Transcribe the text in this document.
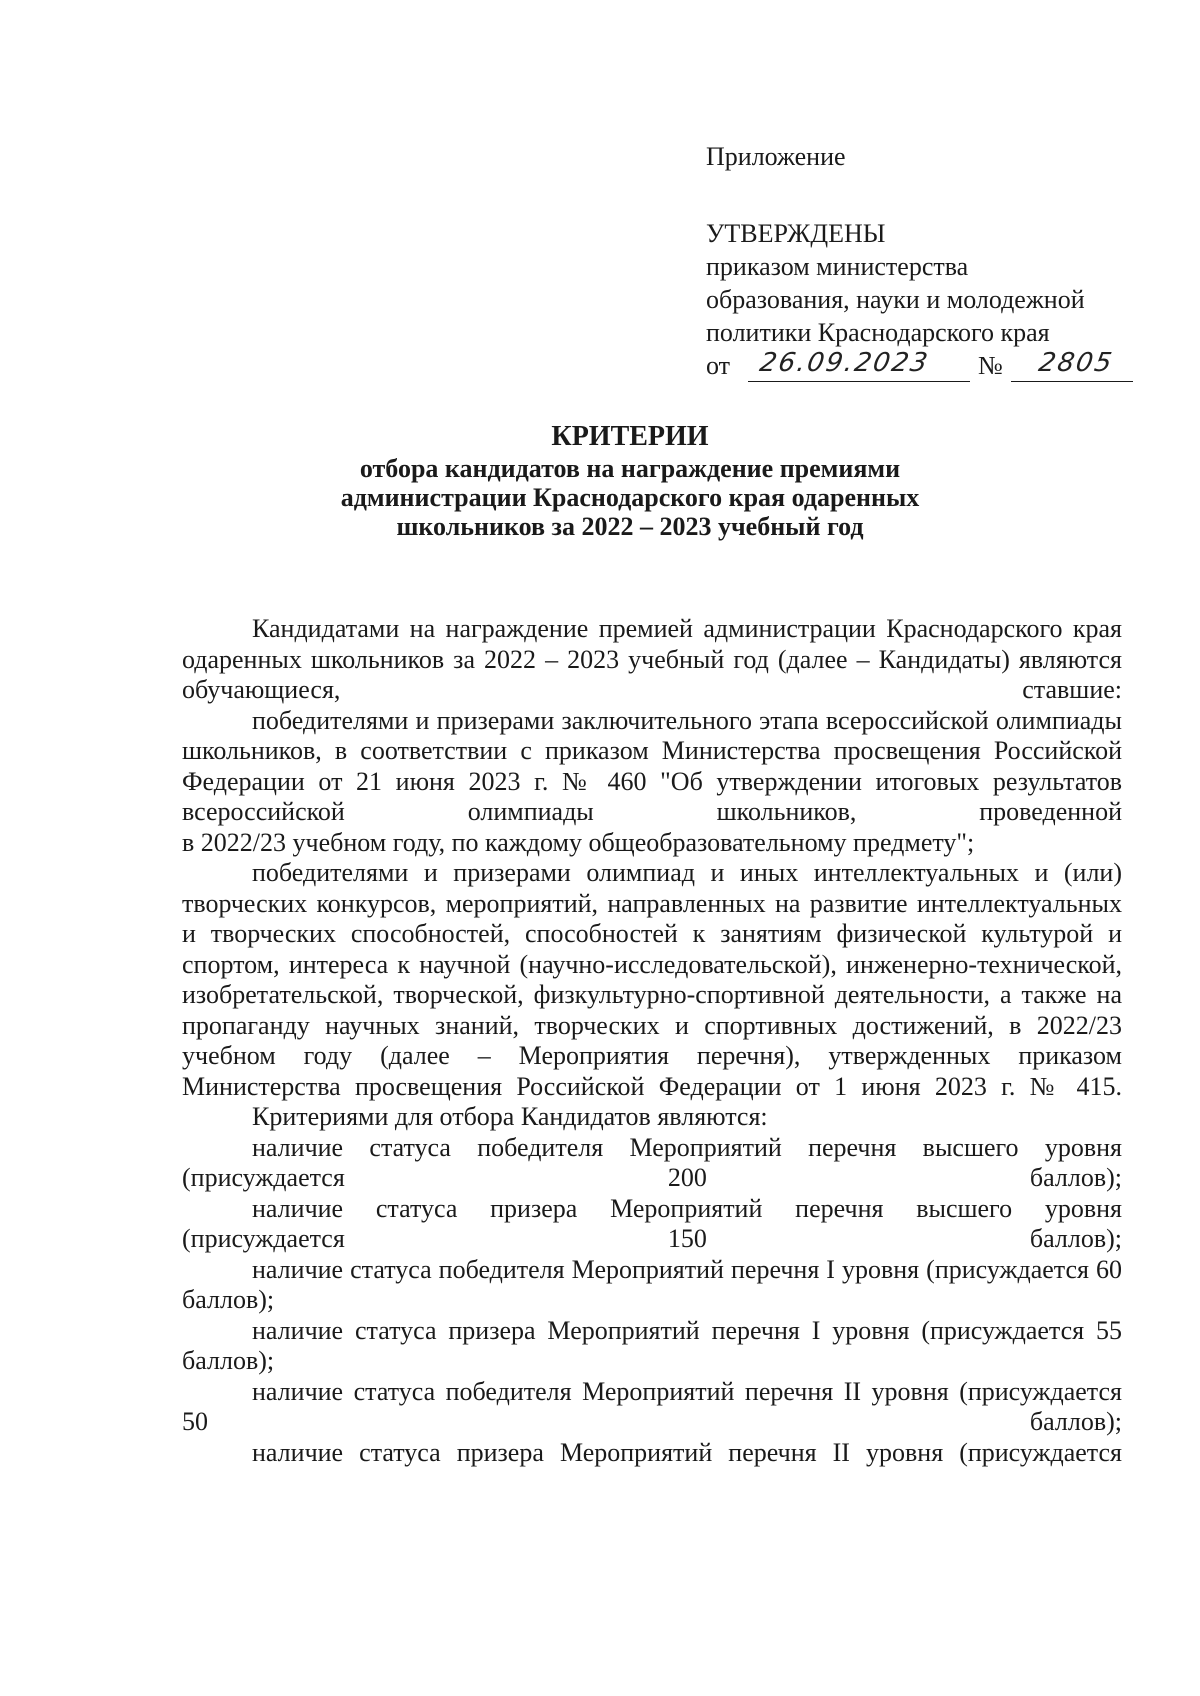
Приложение
УТВЕРЖДЕНЫ
приказом министерства
образования, науки и молодежной
политики Краснодарского края
от 26.09.2023 № 2805
КРИТЕРИИ
отбора кандидатов на награждение премиями
администрации Краснодарского края одаренных
школьников за 2022 – 2023 учебный год

Кандидатами на награждение премией администрации Краснодарского края одаренных школьников за 2022 – 2023 учебный год (далее – Кандидаты) являются обучающиеся, ставшие:

победителями и призерами заключительного этапа всероссийской олимпиады школьников, в соответствии с приказом Министерства просвещения Российской Федерации от 21 июня 2023 г. № 460 "Об утверждении итоговых результатов всероссийской олимпиады школьников, проведенной

в 2022/23 учебном году, по каждому общеобразовательному предмету";

победителями и призерами олимпиад и иных интеллектуальных и (или) творческих конкурсов, мероприятий, направленных на развитие интеллектуальных и творческих способностей, способностей к занятиям физической культурой и спортом, интереса к научной (научно-исследовательской), инженерно-технической, изобретательской, творческой, физкультурно-спортивной деятельности, а также на пропаганду научных знаний, творческих и спортивных достижений, в 2022/23 учебном году (далее – Мероприятия перечня), утвержденных приказом Министерства просвещения Российской Федерации от 1 июня 2023 г. № 415.

Критериями для отбора Кандидатов являются:

наличие статуса победителя Мероприятий перечня высшего уровня (присуждается 200 баллов);

наличие статуса призера Мероприятий перечня высшего уровня (присуждается 150 баллов);

наличие статуса победителя Мероприятий перечня I уровня (присуждается 60 баллов);

наличие статуса призера Мероприятий перечня I уровня (присуждается 55 баллов);

наличие статуса победителя Мероприятий перечня II уровня (присуждается 50 баллов);

наличие статуса призера Мероприятий перечня II уровня (присуждается
